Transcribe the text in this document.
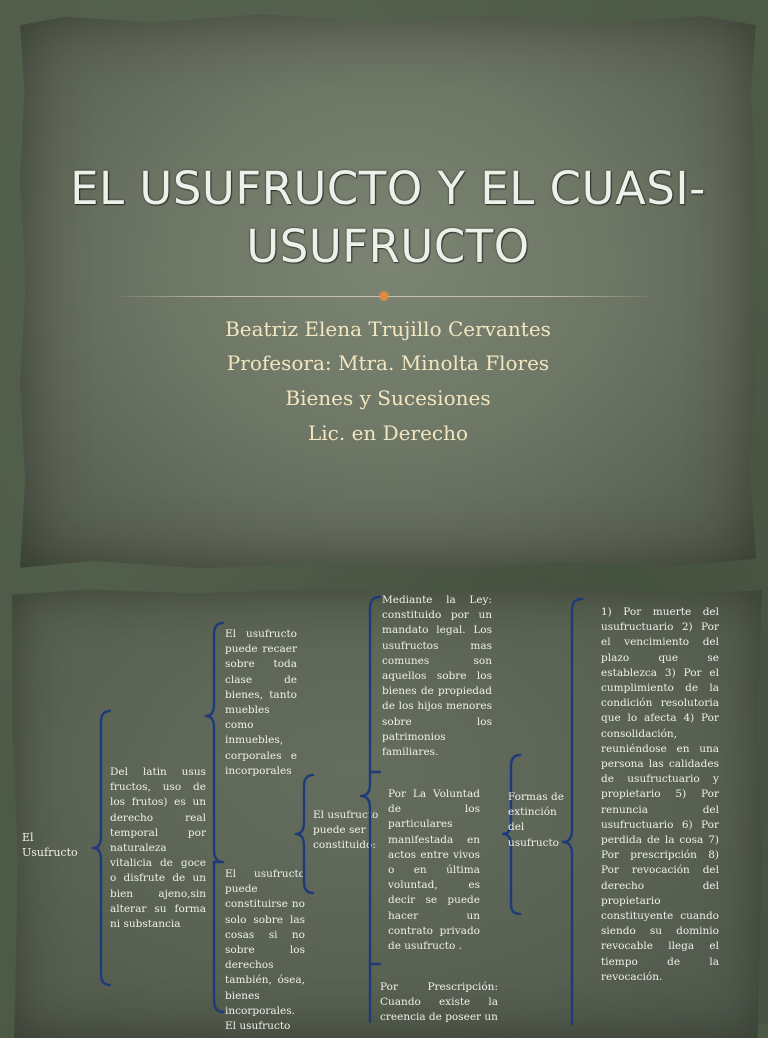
EL USUFRUCTO Y EL CUASI-
USUFRUCTO
Beatriz Elena Trujillo Cervantes
Profesora: Mtra. Minolta Flores
Bienes y Sucesiones
Lic. en Derecho

El Usufructo

Del latin usus fructos, uso de los frutos) es un derecho real temporal por naturaleza vitalicia de goce o disfrute de un bien ajeno,sin alterar su forma ni substancia

El usufructo puede recaer sobre toda clase de bienes, tanto muebles como inmuebles, corporales e incorporales

El usufructo puede constituirse no solo sobre las cosas si no sobre los derechos también, ósea, bienes incorporales. El usufructo

El usufructo puede ser constituido:

Mediante la Ley: constituido por un mandato legal. Los usufructos mas comunes son aquellos sobre los bienes de propiedad de los hijos menores sobre los patrimonios familiares.

Por La Voluntad de los particulares manifestada en actos entre vivos o en última voluntad, es decir se puede hacer un contrato privado de usufructo .

Por Prescripción: Cuando existe la creencia de poseer un

Formas de extinción del usufructo

1) Por muerte del usufructuario 2) Por el vencimiento del plazo que se establezca 3) Por el cumplimiento de la condición resolutoria que lo afecta 4) Por consolidación, reuniéndose en una persona las calidades de usufructuario y propietario 5) Por renuncia del usufructuario 6) Por perdida de la cosa 7) Por prescripción 8) Por revocación del derecho del propietario constituyente cuando siendo su dominio revocable llega el tiempo de la revocación.
